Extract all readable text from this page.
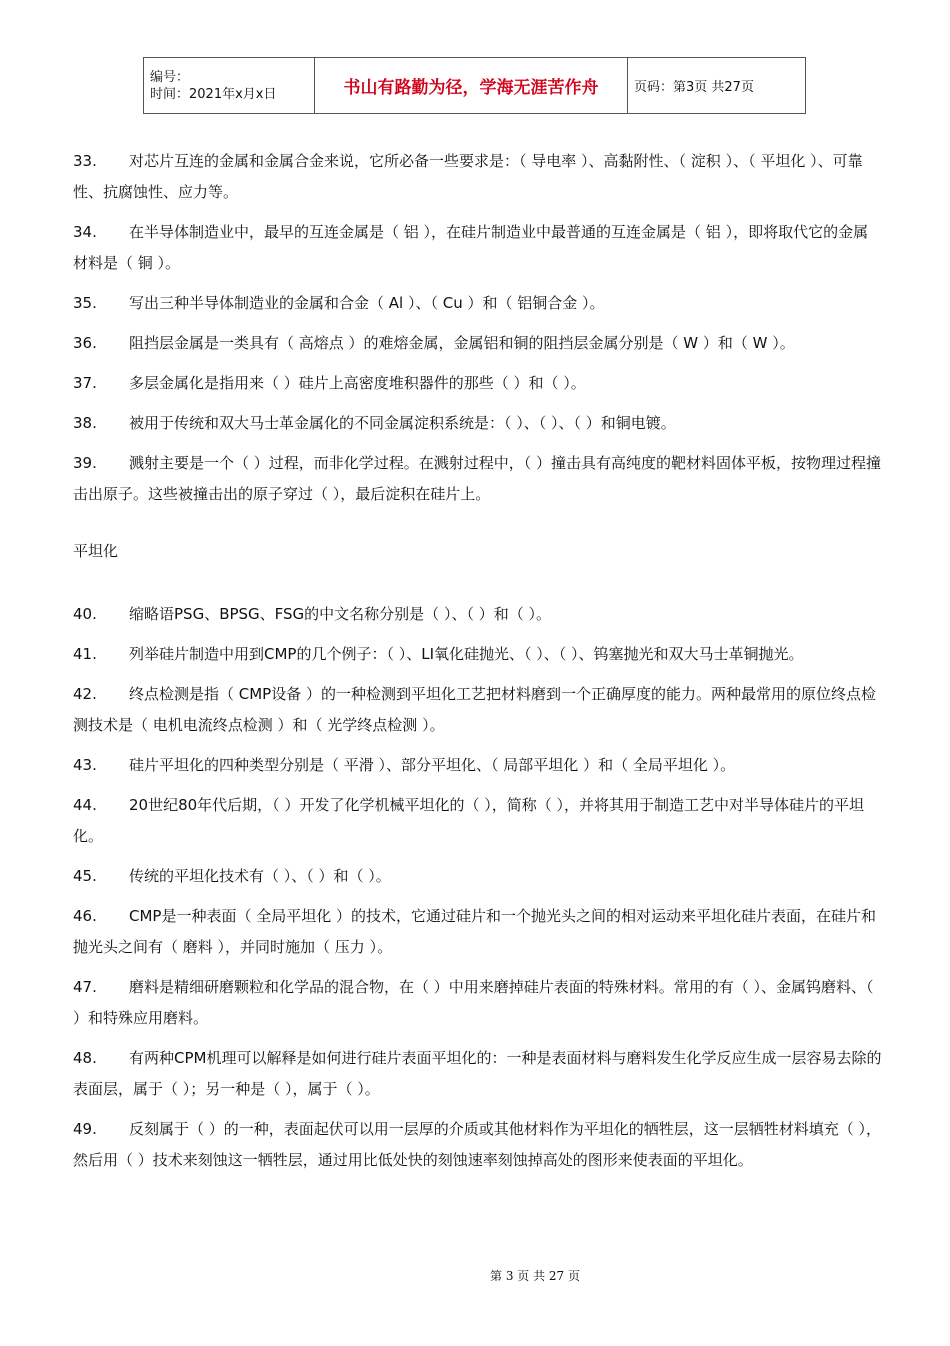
编号：
时间：2021年x月x日	书山有路勤为径，学海无涯苦作舟	页码：第3页 共27页
33. 对芯片互连的金属和金属合金来说，它所必备一些要求是：（ 导电率 ）、高黏附性、（ 淀积 ）、（ 平坦化 ）、可靠性、抗腐蚀性、应力等。
34. 在半导体制造业中，最早的互连金属是（ 铝 ），在硅片制造业中最普通的互连金属是（ 铝 ），即将取代它的金属材料是（ 铜 ）。
35. 写出三种半导体制造业的金属和合金（ Al ）、（ Cu ）和（ 铝铜合金 ）。
36. 阻挡层金属是一类具有（ 高熔点 ）的难熔金属，金属铝和铜的阻挡层金属分别是（ W ）和（ W ）。
37. 多层金属化是指用来（ ）硅片上高密度堆积器件的那些（ ）和（ ）。
38. 被用于传统和双大马士革金属化的不同金属淀积系统是：（ ）、（ ）、（ ）和铜电镀。
39. 溅射主要是一个（ ）过程，而非化学过程。在溅射过程中，（ ）撞击具有高纯度的靶材料固体平板，按物理过程撞击出原子。这些被撞击出的原子穿过（ ），最后淀积在硅片上。
平坦化
40. 缩略语PSG、BPSG、FSG的中文名称分别是（ ）、（ ）和（ ）。
41. 列举硅片制造中用到CMP的几个例子：（ ）、LI氧化硅抛光、（ ）、（ ）、钨塞抛光和双大马士革铜抛光。
42. 终点检测是指（ CMP设备 ）的一种检测到平坦化工艺把材料磨到一个正确厚度的能力。两种最常用的原位终点检测技术是（ 电机电流终点检测 ）和（ 光学终点检测 ）。
43. 硅片平坦化的四种类型分别是（ 平滑 ）、部分平坦化、（ 局部平坦化 ）和（ 全局平坦化 ）。
44. 20世纪80年代后期，（ ）开发了化学机械平坦化的（ ），简称（ ），并将其用于制造工艺中对半导体硅片的平坦化。
45. 传统的平坦化技术有（ ）、（ ）和（ ）。
46. CMP是一种表面（ 全局平坦化 ）的技术，它通过硅片和一个抛光头之间的相对运动来平坦化硅片表面，在硅片和抛光头之间有（ 磨料 ），并同时施加（ 压力 ）。
47. 磨料是精细研磨颗粒和化学品的混合物，在（ ）中用来磨掉硅片表面的特殊材料。常用的有（ ）、金属钨磨料、（ ）和特殊应用磨料。
48. 有两种CPM机理可以解释是如何进行硅片表面平坦化的：一种是表面材料与磨料发生化学反应生成一层容易去除的表面层，属于（ ）；另一种是（ ），属于（ ）。
49. 反刻属于（ ）的一种，表面起伏可以用一层厚的介质或其他材料作为平坦化的牺牲层，这一层牺牲材料填充（ ），然后用（ ）技术来刻蚀这一牺牲层，通过用比低处快的刻蚀速率刻蚀掉高处的图形来使表面的平坦化。
第 3 页 共 27 页
